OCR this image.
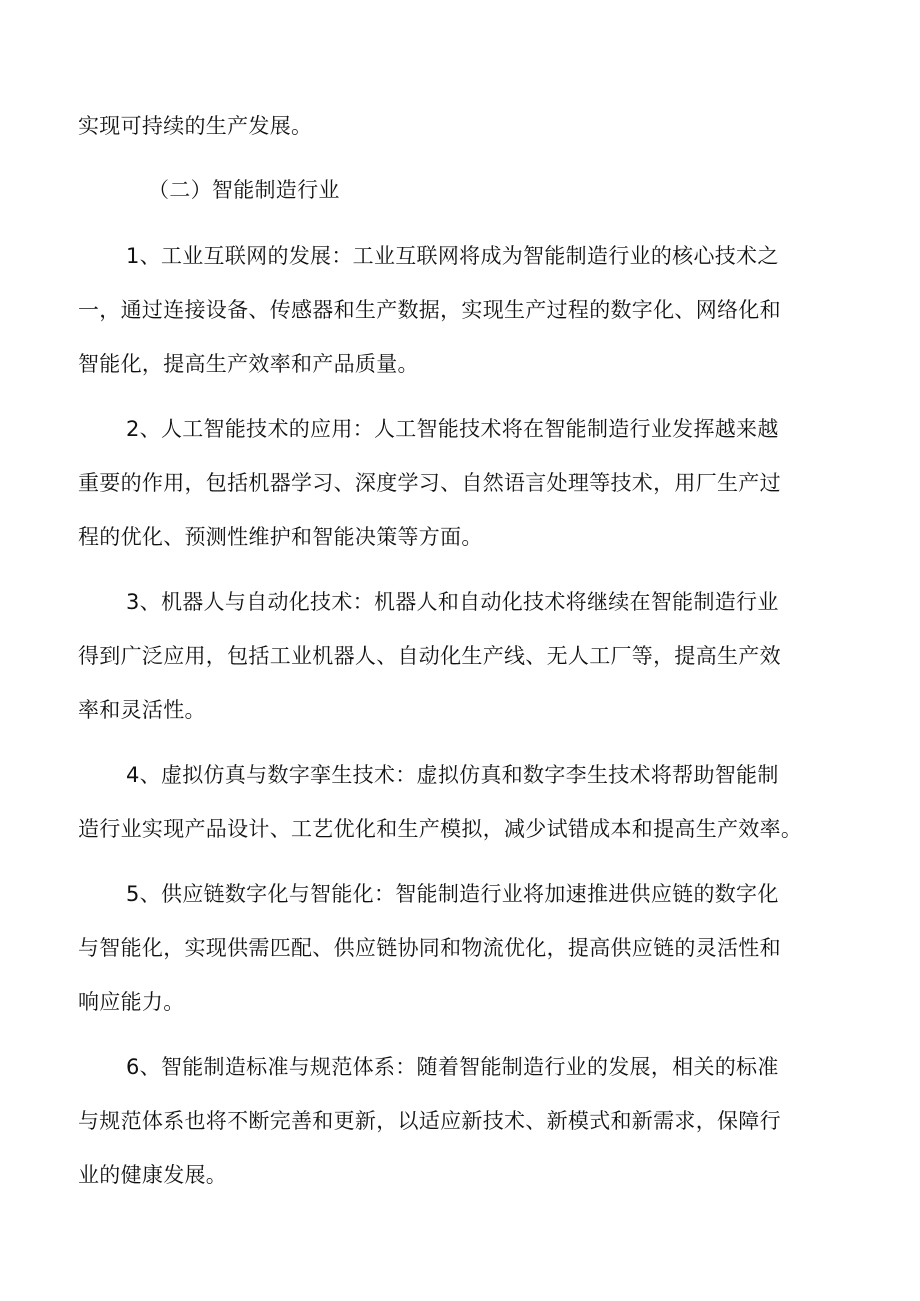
实现可持续的生产发展。
（二）智能制造行业
1、工业互联网的发展：工业互联网将成为智能制造行业的核心技术之
一，通过连接设备、传感器和生产数据，实现生产过程的数字化、网络化和
智能化，提高生产效率和产品质量。
2、人工智能技术的应用：人工智能技术将在智能制造行业发挥越来越
重要的作用，包括机器学习、深度学习、自然语言处理等技术，用厂生产过
程的优化、预测性维护和智能决策等方面。
3、机器人与自动化技术：机器人和自动化技术将继续在智能制造行业
得到广泛应用，包括工业机器人、自动化生产线、无人工厂等，提高生产效
率和灵活性。
4、虚拟仿真与数字挛生技术：虚拟仿真和数字李生技术将帮助智能制
造行业实现产品设计、工艺优化和生产模拟，减少试错成本和提高生产效率。
5、供应链数字化与智能化：智能制造行业将加速推进供应链的数字化
与智能化，实现供需匹配、供应链协同和物流优化，提高供应链的灵活性和
响应能力。
6、智能制造标准与规范体系：随着智能制造行业的发展，相关的标准
与规范体系也将不断完善和更新，以适应新技术、新模式和新需求，保障行
业的健康发展。
